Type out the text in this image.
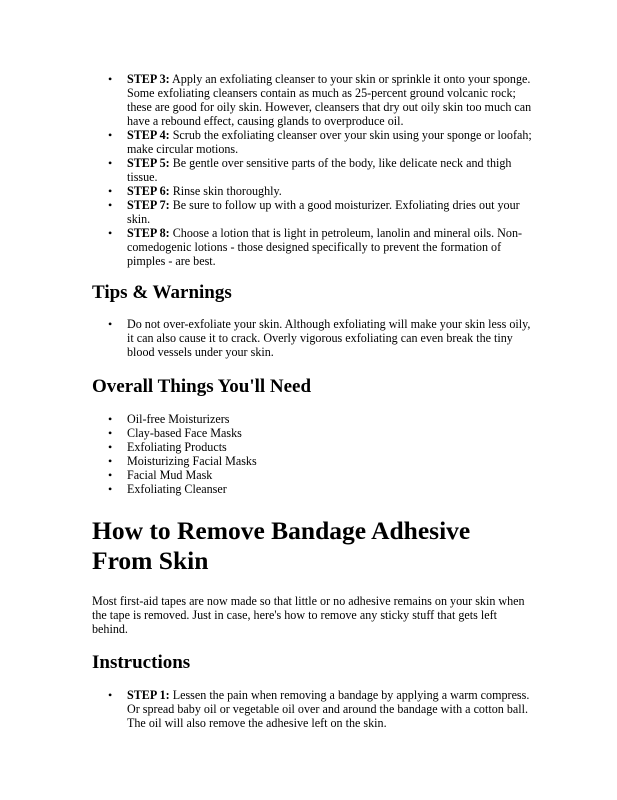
• STEP 3: Apply an exfoliating cleanser to your skin or sprinkle it onto your sponge. Some exfoliating cleansers contain as much as 25-percent ground volcanic rock; these are good for oily skin. However, cleansers that dry out oily skin too much can have a rebound effect, causing glands to overproduce oil.
• STEP 4: Scrub the exfoliating cleanser over your skin using your sponge or loofah; make circular motions.
• STEP 5: Be gentle over sensitive parts of the body, like delicate neck and thigh tissue.
• STEP 6: Rinse skin thoroughly.
• STEP 7: Be sure to follow up with a good moisturizer. Exfoliating dries out your skin.
• STEP 8: Choose a lotion that is light in petroleum, lanolin and mineral oils. Non-comedogenic lotions - those designed specifically to prevent the formation of pimples - are best.
Tips & Warnings
• Do not over-exfoliate your skin. Although exfoliating will make your skin less oily, it can also cause it to crack. Overly vigorous exfoliating can even break the tiny blood vessels under your skin.
Overall Things You'll Need
• Oil-free Moisturizers
• Clay-based Face Masks
• Exfoliating Products
• Moisturizing Facial Masks
• Facial Mud Mask
• Exfoliating Cleanser
How to Remove Bandage Adhesive From Skin

Most first-aid tapes are now made so that little or no adhesive remains on your skin when the tape is removed. Just in case, here's how to remove any sticky stuff that gets left behind.

Instructions
• STEP 1: Lessen the pain when removing a bandage by applying a warm compress. Or spread baby oil or vegetable oil over and around the bandage with a cotton ball. The oil will also remove the adhesive left on the skin.
